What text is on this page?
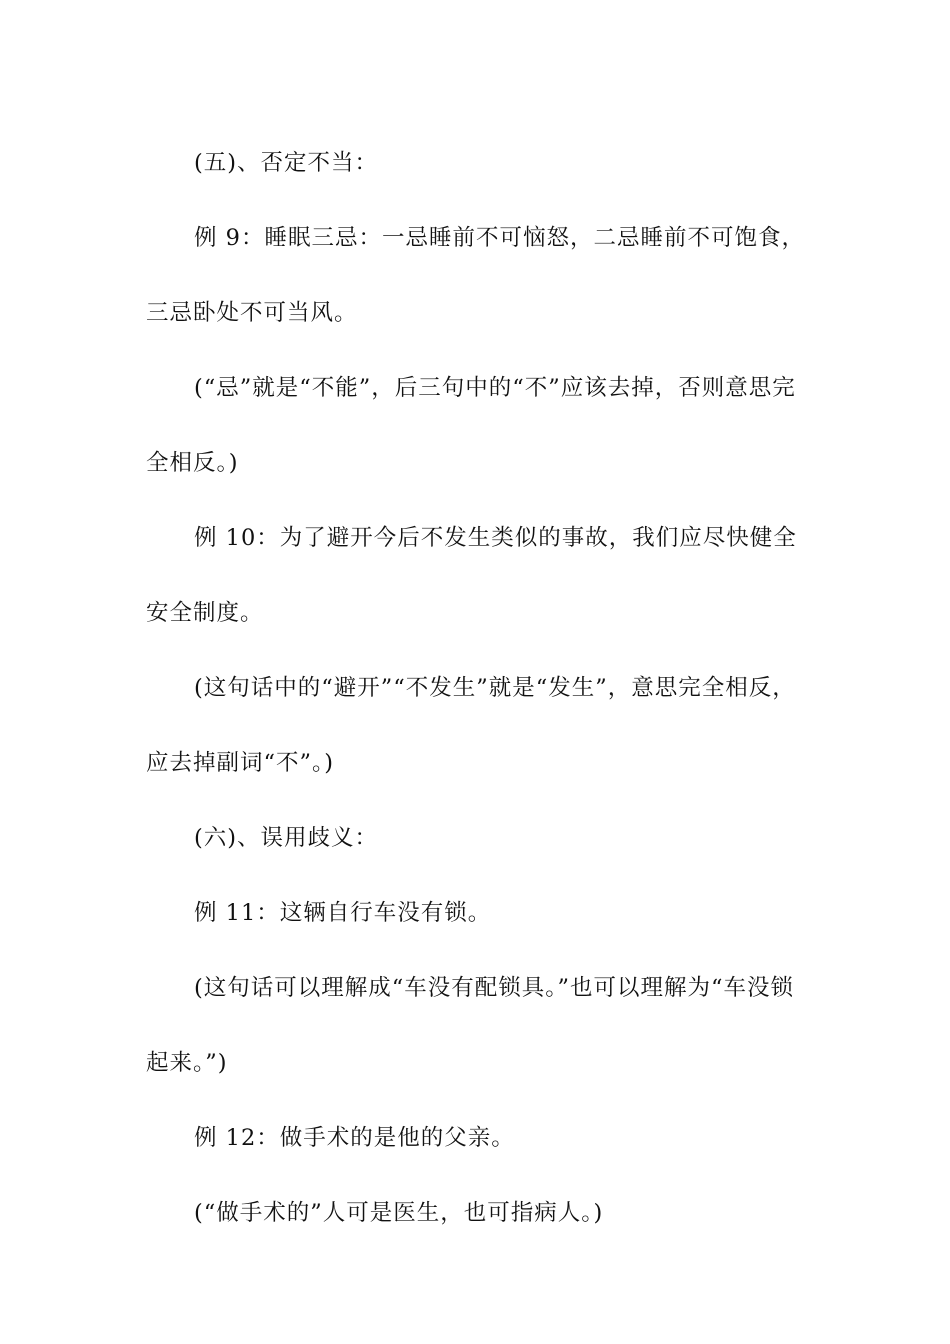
(五)、否定不当：

例 9：睡眠三忌：一忌睡前不可恼怒，二忌睡前不可饱食，三忌卧处不可当风。

(“忌”就是“不能”，后三句中的“不”应该去掉，否则意思完全相反。)

例 10：为了避开今后不发生类似的事故，我们应尽快健全安全制度。

(这句话中的“避开”“不发生”就是“发生”，意思完全相反，应去掉副词“不”。)

(六)、误用歧义：

例 11：这辆自行车没有锁。

(这句话可以理解成“车没有配锁具。”也可以理解为“车没锁起来。”)

例 12：做手术的是他的父亲。

(“做手术的”人可是医生，也可指病人。)
